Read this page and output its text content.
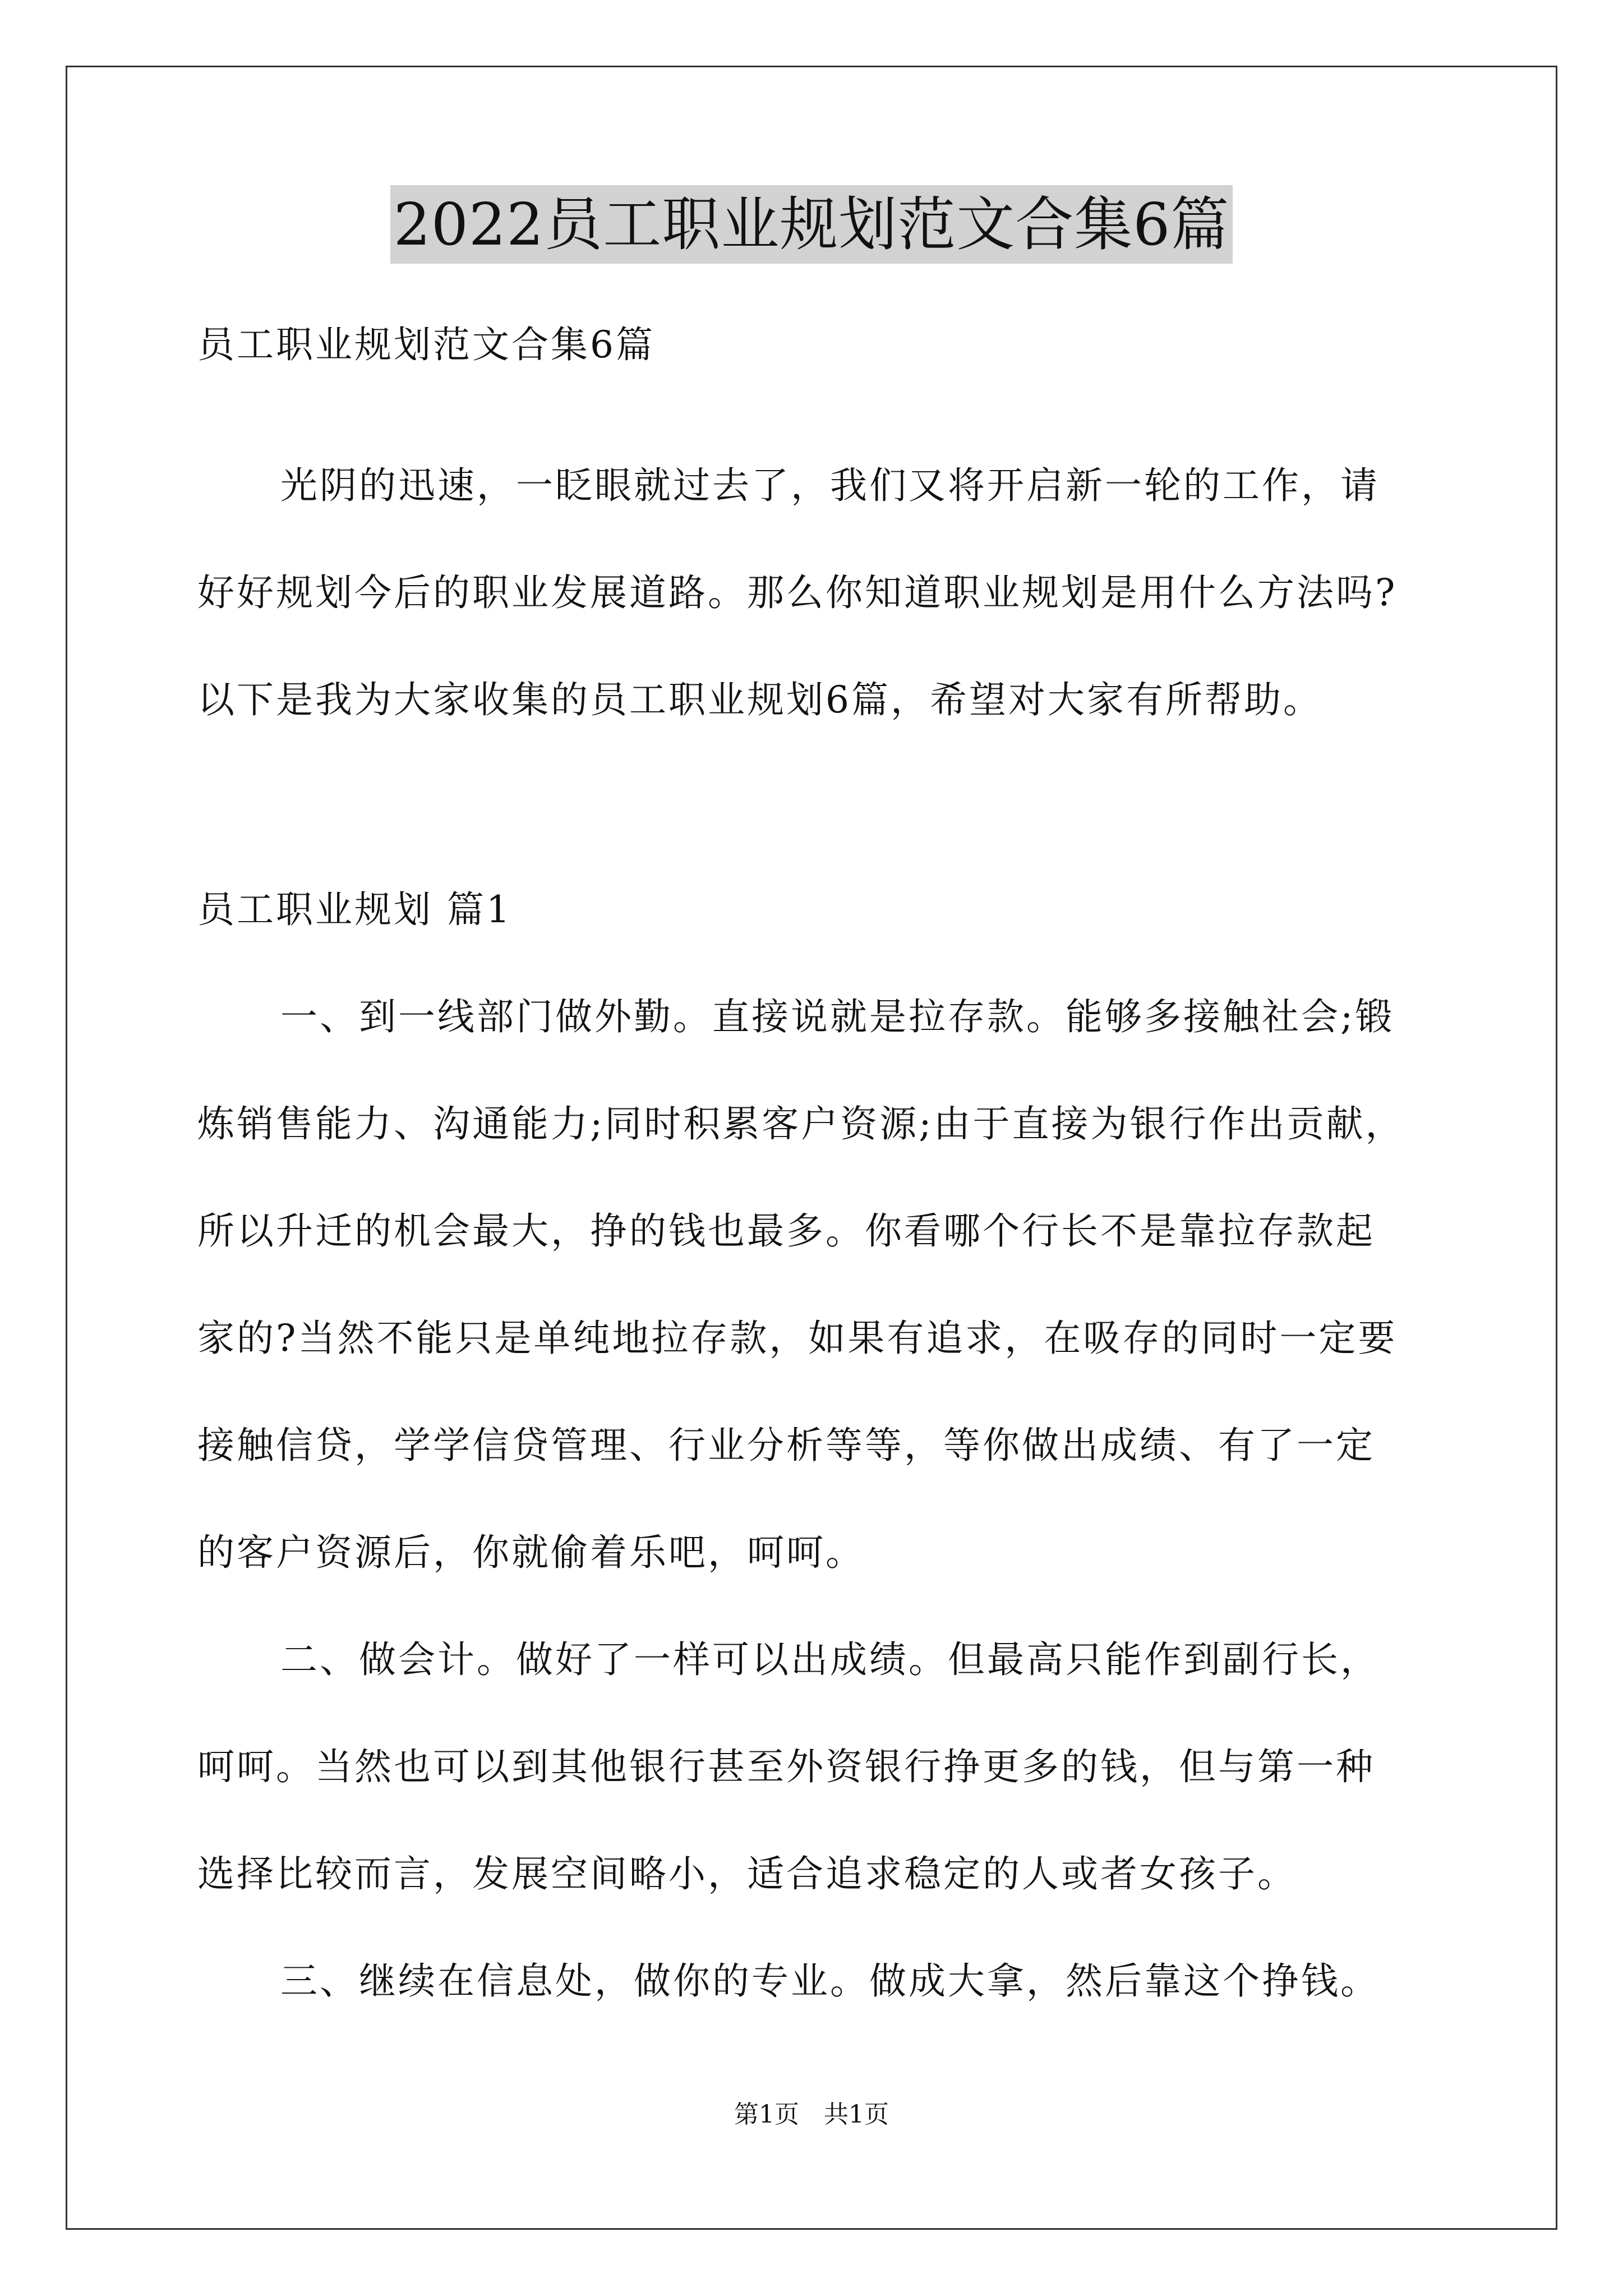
2022员工职业规划范文合集6篇
员工职业规划范文合集6篇
光阴的迅速，一眨眼就过去了，我们又将开启新一轮的工作，请
好好规划今后的职业发展道路。那么你知道职业规划是用什么方法吗?
以下是我为大家收集的员工职业规划6篇，希望对大家有所帮助。
员工职业规划 篇1
一、到一线部门做外勤。直接说就是拉存款。能够多接触社会;锻
炼销售能力、沟通能力;同时积累客户资源;由于直接为银行作出贡献，
所以升迁的机会最大，挣的钱也最多。你看哪个行长不是靠拉存款起
家的?当然不能只是单纯地拉存款，如果有追求，在吸存的同时一定要
接触信贷，学学信贷管理、行业分析等等，等你做出成绩、有了一定
的客户资源后，你就偷着乐吧，呵呵。
二、做会计。做好了一样可以出成绩。但最高只能作到副行长，
呵呵。当然也可以到其他银行甚至外资银行挣更多的钱，但与第一种
选择比较而言，发展空间略小，适合追求稳定的人或者女孩子。
三、继续在信息处，做你的专业。做成大拿，然后靠这个挣钱。
第1页　共1页
